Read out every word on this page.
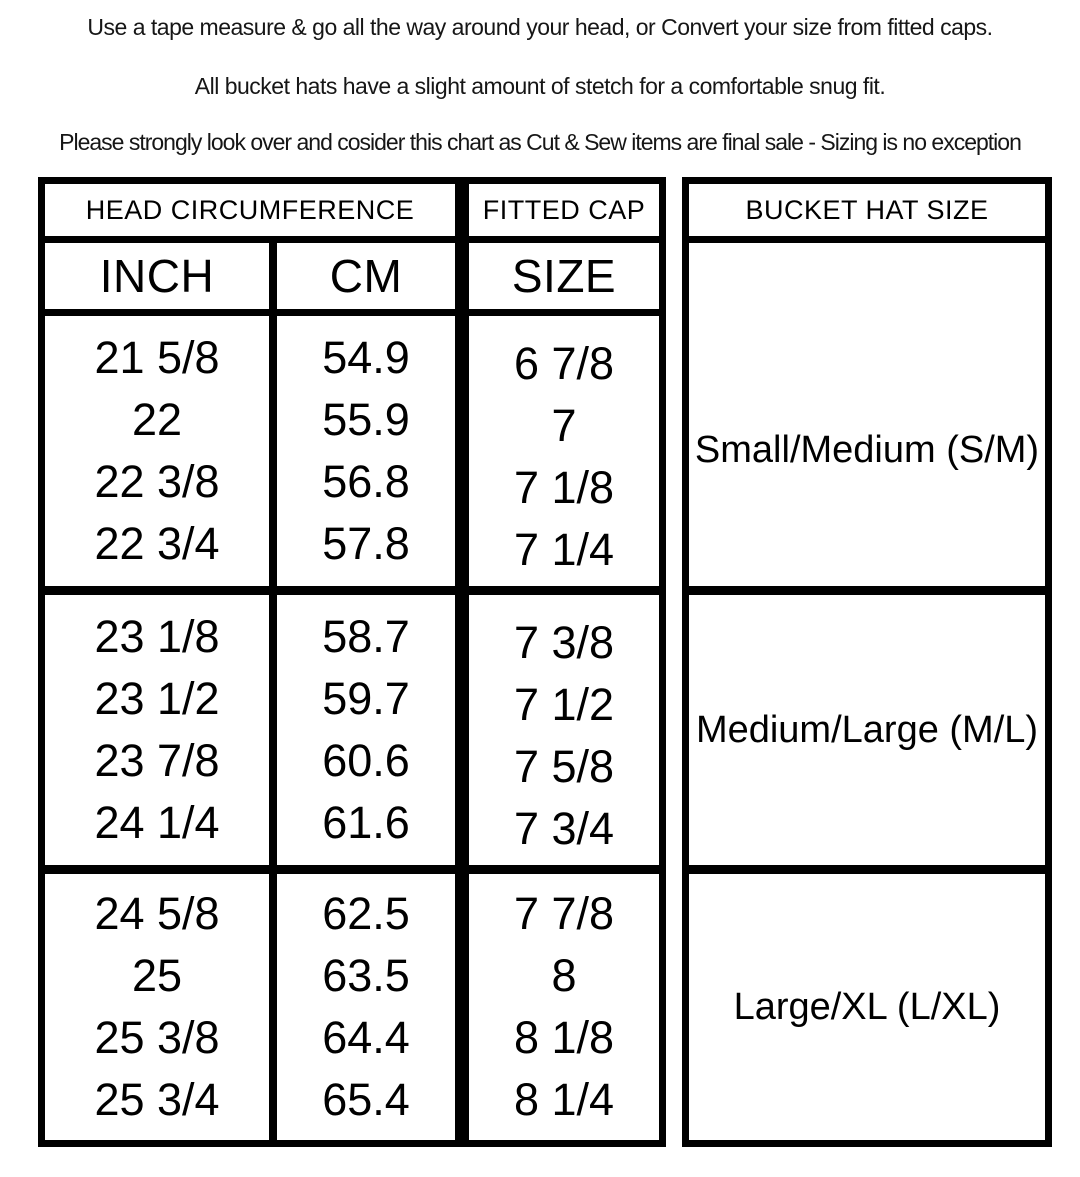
Use a tape measure & go all the way around your head, or Convert your size from fitted caps.
All bucket hats have a slight amount of stetch for a comfortable snug fit.
Please strongly look over and cosider this chart as Cut & Sew items are final sale - Sizing is no exception
HEAD CIRCUMFERENCE
INCH	CM
21 5/8
22
22 3/8
22 3/4
54.9
55.9
56.8
57.8
23 1/8
23 1/2
23 7/8
24 1/4
58.7
59.7
60.6
61.6
24 5/8
25
25 3/8
25 3/4
62.5
63.5
64.4
65.4
FITTED CAP
SIZE
6 7/8
7
7 1/8
7 1/4
7 3/8
7 1/2
7 5/8
7 3/4
7 7/8
8
8 1/8
8 1/4
BUCKET HAT SIZE
Small/Medium (S/M)
Medium/Large (M/L)
Large/XL (L/XL)
